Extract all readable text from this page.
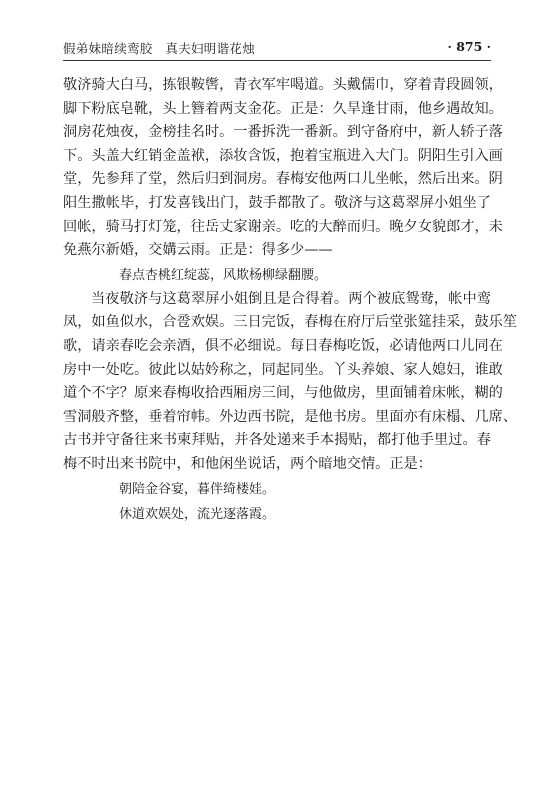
假弟妹暗续鸾胶　真夫妇明谐花烛	· 875 ·
敬济骑大白马，拣银鞍辔，青衣军牢喝道。头戴儒巾，穿着青段圆领，
脚下粉底皂靴，头上簪着两支金花。正是：久旱逢甘雨，他乡遇故知。
洞房花烛夜，金榜挂名时。一番拆洗一番新。到守备府中，新人轿子落
下。头盖大红销金盖袱，添妆含饭，抱着宝瓶进入大门。阴阳生引入画
堂，先参拜了堂，然后归到洞房。春梅安他两口儿坐帐，然后出来。阴
阳生撒帐毕，打发喜钱出门，鼓手都散了。敬济与这葛翠屏小姐坐了
回帐，骑马打灯笼，往岳丈家谢亲。吃的大醉而归。晚夕女貌郎才，未
免燕尔新婚，交媾云雨。正是：得多少——
春点杏桃红绽蕊，风欺杨柳绿翻腰。
当夜敬济与这葛翠屏小姐倒且是合得着。两个被底鸳鸯，帐中鸾
凤，如鱼似水，合卺欢娱。三日完饭，春梅在府厅后堂张筵挂采，鼓乐笙
歌，请亲春吃会亲酒，俱不必细说。每日春梅吃饭，必请他两口儿同在
房中一处吃。彼此以姑妗称之，同起同坐。丫头养娘、家人媳妇，谁敢
道个不字？原来春梅收拾西厢房三间，与他做房，里面铺着床帐，糊的
雪洞般齐整，垂着帘帏。外边西书院，是他书房。里面亦有床榻、几席、
古书并守备往来书柬拜贴，并各处递来手本揭贴，都打他手里过。春
梅不时出来书院中，和他闲坐说话，两个暗地交情。正是：
朝陪金谷宴，暮伴绮楼娃。
休道欢娱处，流光逐落霞。
